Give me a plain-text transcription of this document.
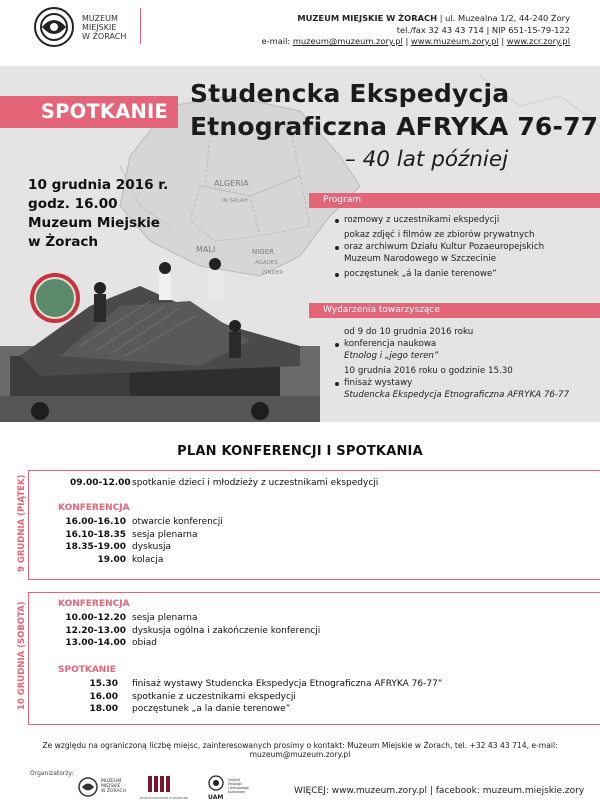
MUZEUM
MIEJSKIE
W ŻORACH
MUZEUM MIEJSKIE W ŻORACH | ul. Muzealna 1/2, 44-240 Żory
tel./fax 32 43 43 714 | NIP 651-15-79-122
e-mail: muzeum@muzeum.zory.pl | www.muzeum.zory.pl | www.zcr.zory.pl
ALGERIA
IN SALAH
MALI	NIGER
AGADES
ZINDER
SPOTKANIE
Studencka Ekspedycja
Etnograficzna AFRYKA 76-77
– 40 lat później
10 grudnia 2016 r.
godz. 16.00
Muzeum Miejskie
w Żorach
Program
rozmowy z uczestnikami ekspedycji
pokaz zdjęć i filmów ze zbiorów prywatnych
oraz archiwum Działu Kultur Pozaeuropejskich
Muzeum Narodowego w Szczecinie
poczęstunek „á la danie terenowe”
Wydarzenia towarzyszące
od 9 do 10 grudnia 2016 roku
konferencja naukowa
Etnolog i „jego teren”
10 grudnia 2016 roku o godzinie 15.30
finisaż wystawy
Studencka Ekspedycja Etnograficzna AFRYKA 76-77
PLAN KONFERENCJI I SPOTKANIA
9 GRUDNIA (PIĄTEK)	09.00-12.00 spotkanie dzieci i młodzieży z uczestnikami ekspedycji
KONFERENCJA
16.00-16.10 otwarcie konferencji
16.10-18.35 sesja plenarna
18.35-19.00 dyskusja
19.00 kolacja
10 GRUDNIA (SOBOTA)	KONFERENCJA
10.00-12.20 sesja plenarna
12.20-13.00 dyskusja ogólna i zakończenie konferencji
13.00-14.00 obiad
SPOTKANIE
15.30 finisaż wystawy Studencka Ekspedycja Etnograficzna AFRYKA 76-77”
16.00 spotkanie z uczestnikami ekspedycji
18.00 poczęstunek „a la danie terenowe”
Ze względu na ograniczoną liczbę miejsc, zainteresowanych prosimy o kontakt: Muzeum Miejskie w Żorach, tel. +32 43 43 714, e-mail: muzeum@muzeum.zory.pl
Organizatorzy:
MUZEUM
MIEJSKIE
W ŻORACH
MUZEUM NARODOWE W SZCZECINIE	UAM
Instytut
Etnologii
i Antropologii
Kulturowej	WIĘCEJ: www.muzeum.zory.pl | facebook: muzeum.miejskie.zory
